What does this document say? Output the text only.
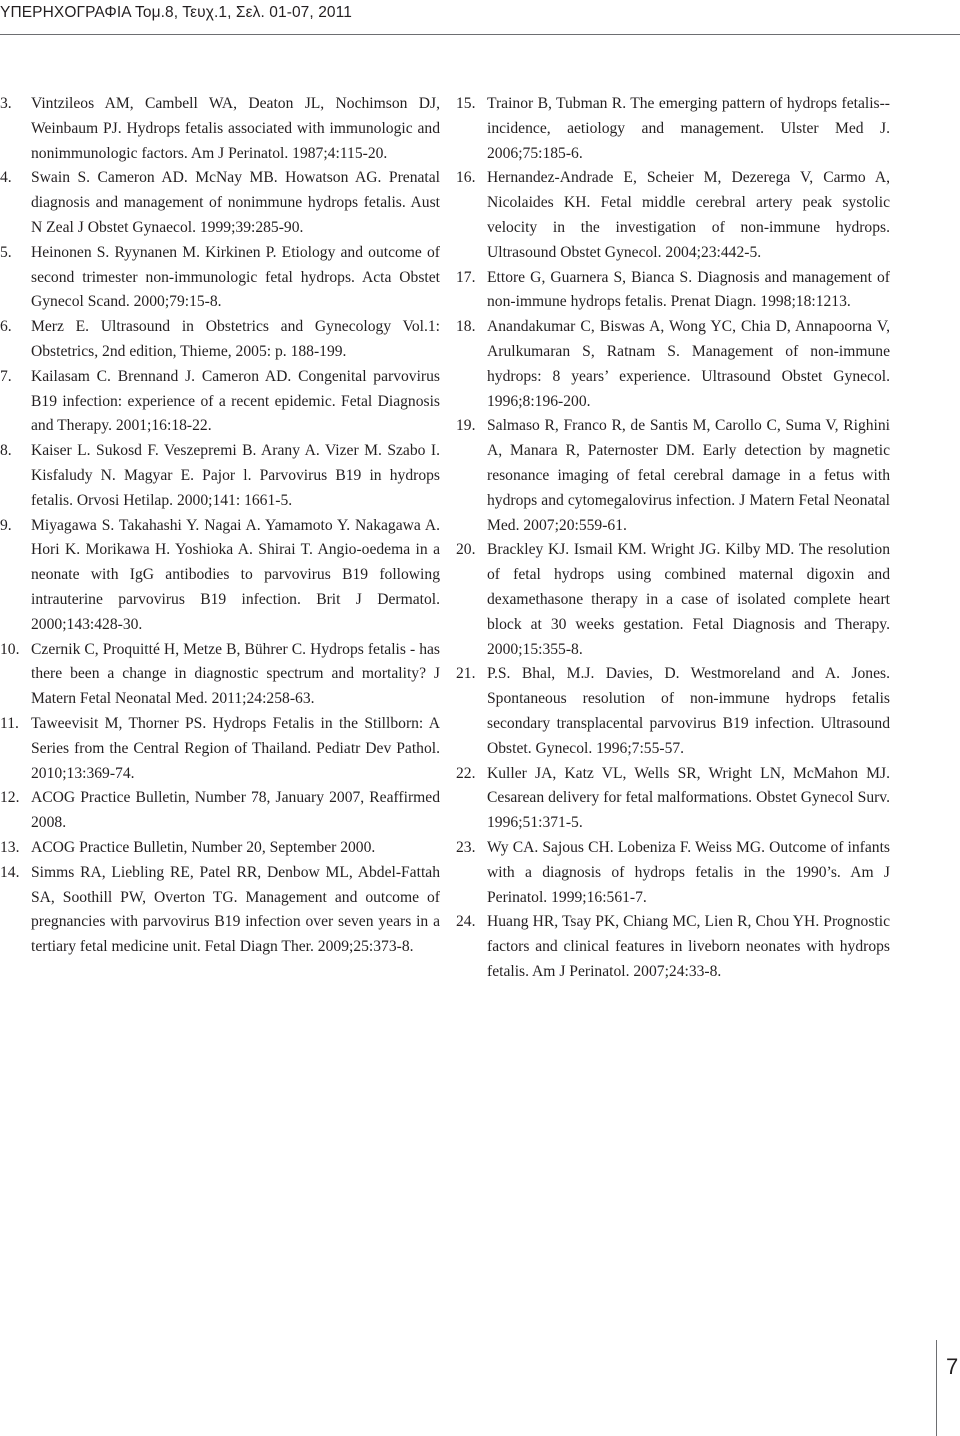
ΥΠΕΡΗΧΟΓΡΑΦΙΑ Τομ.8, Τευχ.1, Σελ. 01-07, 2011
3. Vintzileos AM, Cambell WA, Deaton JL, Nochimson DJ, Weinbaum PJ. Hydrops fetalis associated with immunologic and nonimmunologic factors. Am J Perinatol. 1987;4:115-20.
4. Swain S. Cameron AD. McNay MB. Howatson AG. Prenatal diagnosis and management of nonimmune hydrops fetalis. Aust N Zeal J Obstet Gynaecol. 1999;39:285-90.
5. Heinonen S. Ryynanen M. Kirkinen P. Etiology and outcome of second trimester non-immunologic fetal hydrops. Acta Obstet Gynecol Scand. 2000;79:15-8.
6. Merz E. Ultrasound in Obstetrics and Gynecology Vol.1: Obstetrics, 2nd edition, Thieme, 2005: p. 188-199.
7. Kailasam C. Brennand J. Cameron AD. Congenital parvovirus B19 infection: experience of a recent epidemic. Fetal Diagnosis and Therapy. 2001;16:18-22.
8. Kaiser L. Sukosd F. Veszepremi B. Arany A. Vizer M. Szabo I. Kisfaludy N. Magyar E. Pajor l. Parvovirus B19 in hydrops fetalis. Orvosi Hetilap. 2000;141: 1661-5.
9. Miyagawa S. Takahashi Y. Nagai A. Yamamoto Y. Nakagawa A. Hori K. Morikawa H. Yoshioka A. Shirai T. Angio-oedema in a neonate with IgG antibodies to parvovirus B19 following intrauterine parvovirus B19 infection. Brit J Dermatol. 2000;143:428-30.
10. Czernik C, Proquitté H, Metze B, Bührer C. Hydrops fetalis - has there been a change in diagnostic spectrum and mortality? J Matern Fetal Neonatal Med. 2011;24:258-63.
11. Taweevisit M, Thorner PS. Hydrops Fetalis in the Stillborn: A Series from the Central Region of Thailand. Pediatr Dev Pathol. 2010;13:369-74.
12. ACOG Practice Bulletin, Number 78, January 2007, Reaffirmed 2008.
13. ACOG Practice Bulletin, Number 20, September 2000.
14. Simms RA, Liebling RE, Patel RR, Denbow ML, Abdel-Fattah SA, Soothill PW, Overton TG. Management and outcome of pregnancies with parvovirus B19 infection over seven years in a tertiary fetal medicine unit. Fetal Diagn Ther. 2009;25:373-8.
15. Trainor B, Tubman R. The emerging pattern of hydrops fetalis--incidence, aetiology and management. Ulster Med J. 2006;75:185-6.
16. Hernandez-Andrade E, Scheier M, Dezerega V, Carmo A, Nicolaides KH. Fetal middle cerebral artery peak systolic velocity in the investigation of non-immune hydrops. Ultrasound Obstet Gynecol. 2004;23:442-5.
17. Ettore G, Guarnera S, Bianca S. Diagnosis and management of non-immune hydrops fetalis. Prenat Diagn. 1998;18:1213.
18. Anandakumar C, Biswas A, Wong YC, Chia D, Annapoorna V, Arulkumaran S, Ratnam S. Management of non-immune hydrops: 8 years’ experience. Ultrasound Obstet Gynecol. 1996;8:196-200.
19. Salmaso R, Franco R, de Santis M, Carollo C, Suma V, Righini A, Manara R, Paternoster DM. Early detection by magnetic resonance imaging of fetal cerebral damage in a fetus with hydrops and cytomegalovirus infection. J Matern Fetal Neonatal Med. 2007;20:559-61.
20. Brackley KJ. Ismail KM. Wright JG. Kilby MD. The resolution of fetal hydrops using combined maternal digoxin and dexamethasone therapy in a case of isolated complete heart block at 30 weeks gestation. Fetal Diagnosis and Therapy. 2000;15:355-8.
21. P.S. Bhal, M.J. Davies, D. Westmoreland and A. Jones. Spontaneous resolution of non-immune hydrops fetalis secondary transplacental parvovirus B19 infection. Ultrasound Obstet. Gynecol. 1996;7:55-57.
22. Kuller JA, Katz VL, Wells SR, Wright LN, McMahon MJ. Cesarean delivery for fetal malformations. Obstet Gynecol Surv. 1996;51:371-5.
23. Wy CA. Sajous CH. Lobeniza F. Weiss MG. Outcome of infants with a diagnosis of hydrops fetalis in the 1990’s. Am J Perinatol. 1999;16:561-7.
24. Huang HR, Tsay PK, Chiang MC, Lien R, Chou YH. Prognostic factors and clinical features in liveborn neonates with hydrops fetalis. Am J Perinatol. 2007;24:33-8.
7
